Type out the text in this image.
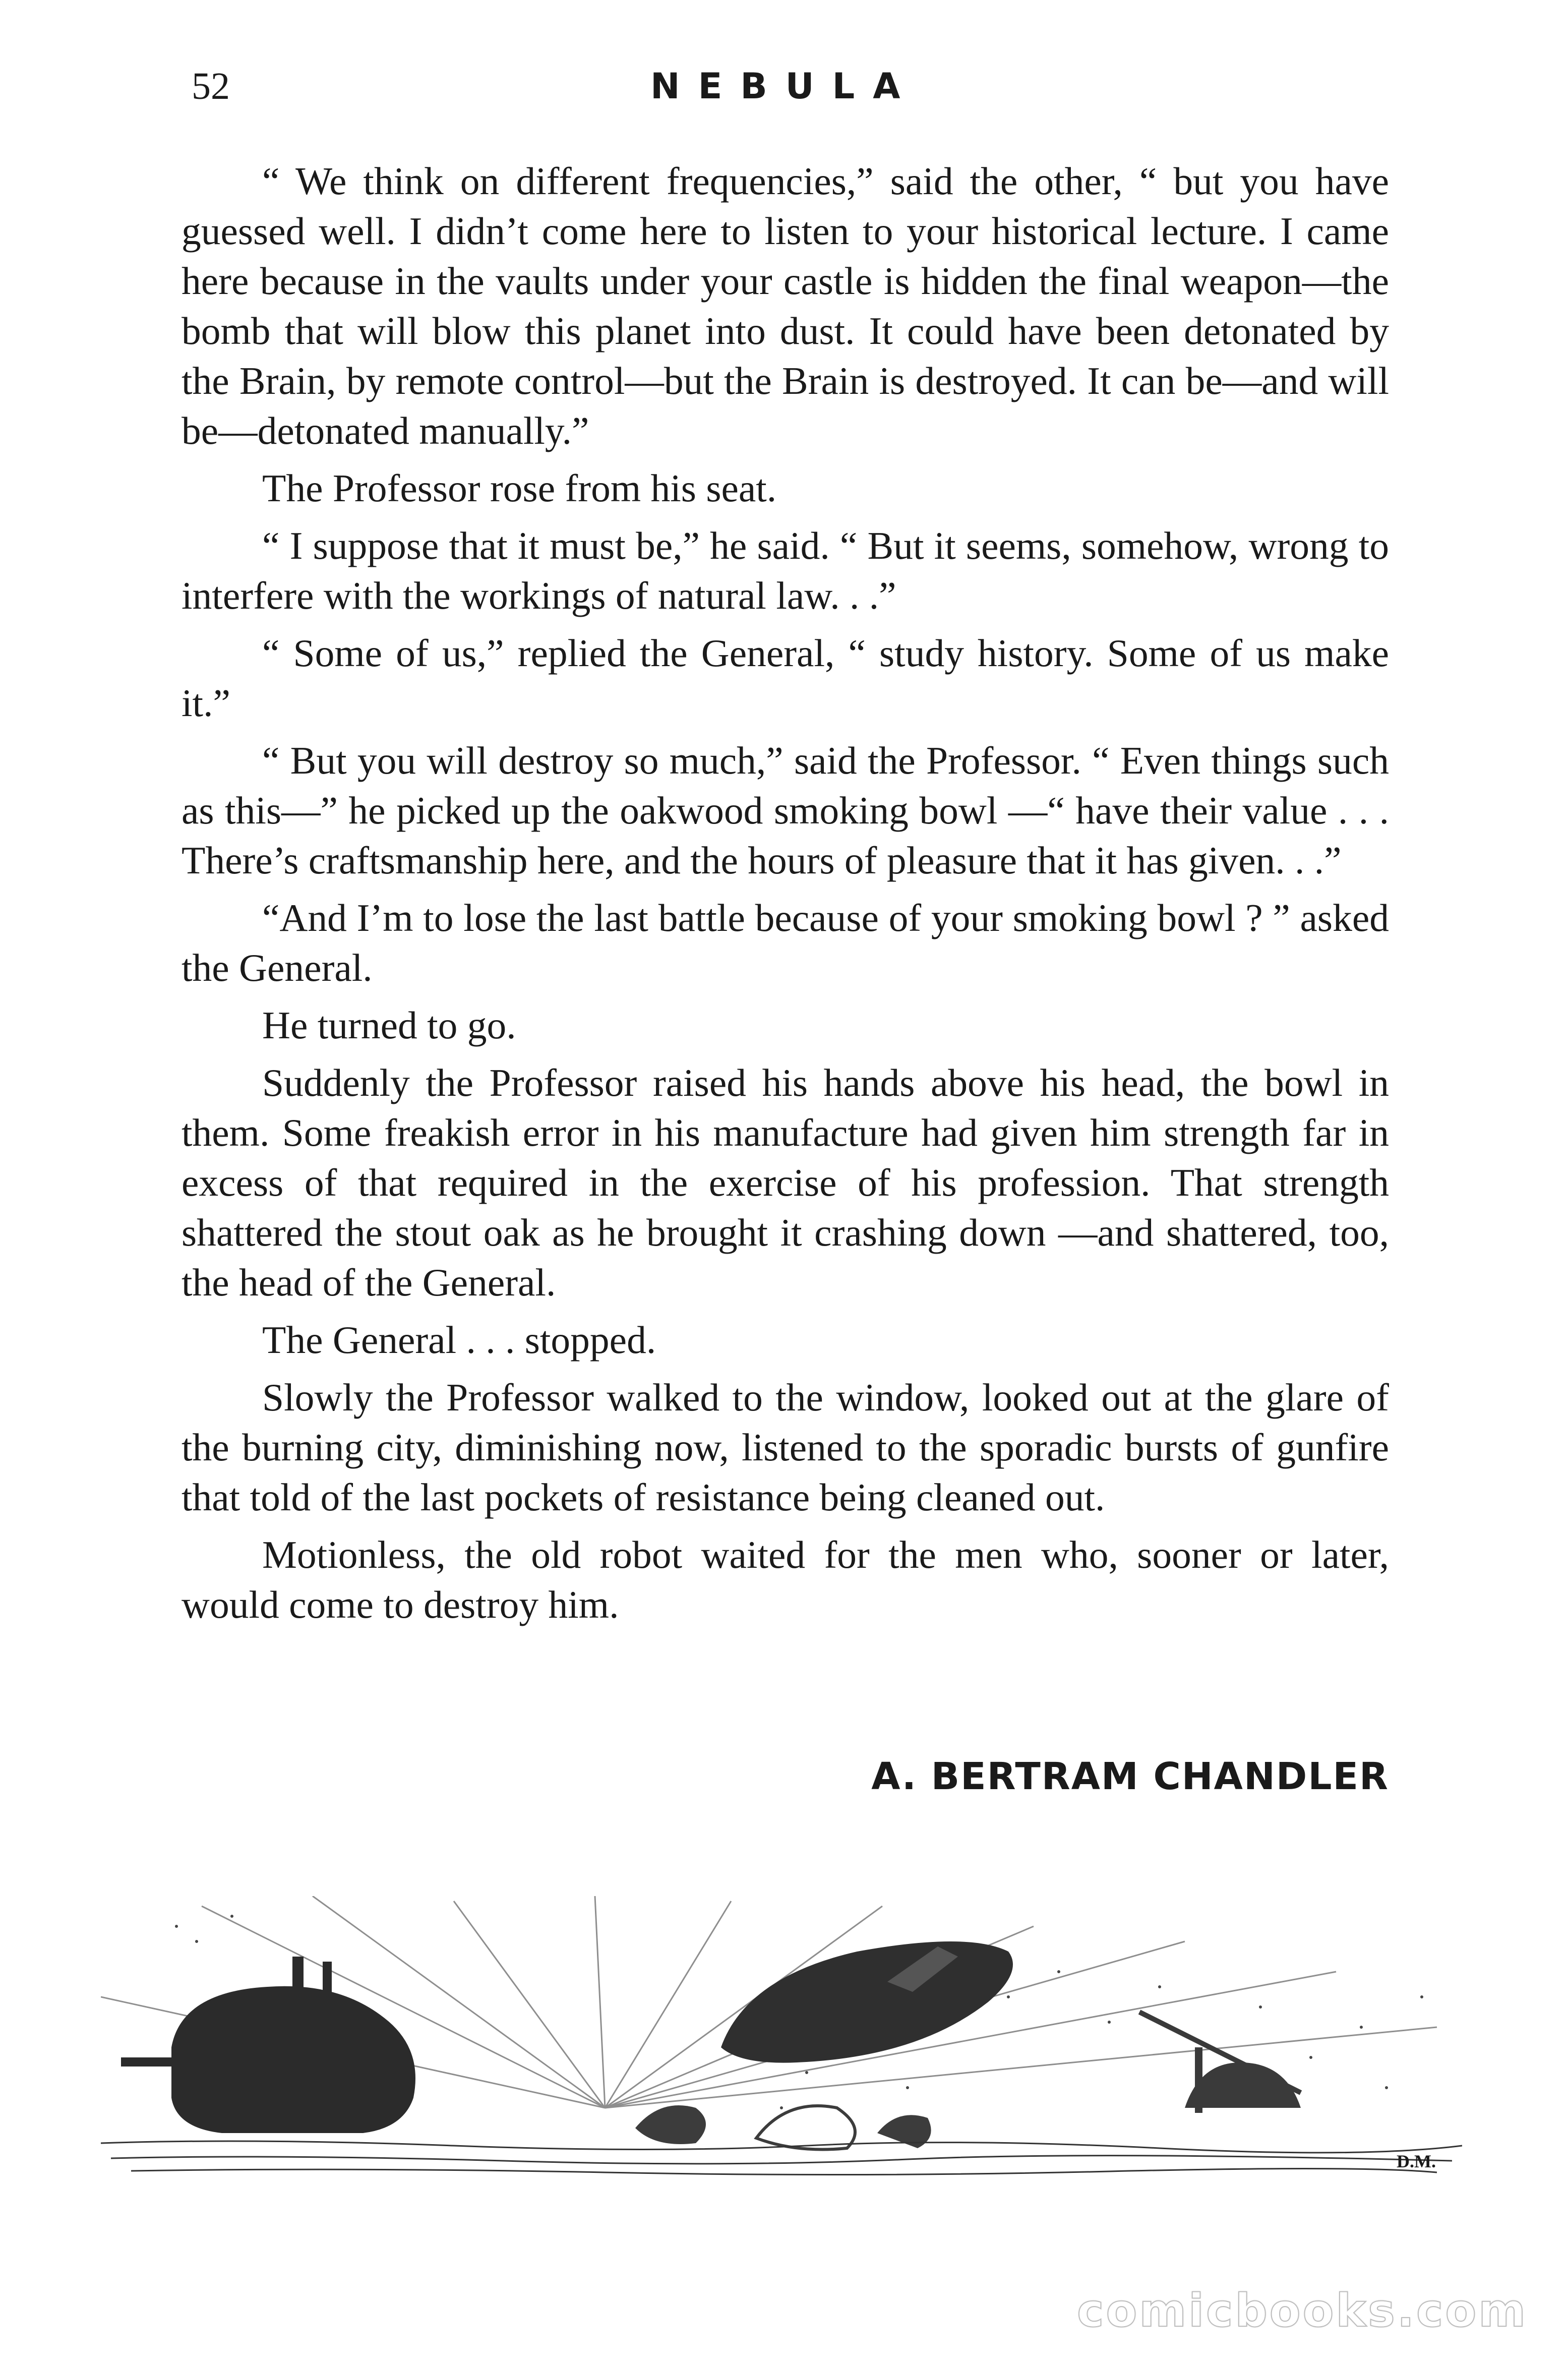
52	NEBULA

“ We think on different frequencies,” said the other, “ but you have guessed well. I didn’t come here to listen to your historical lecture. I came here because in the vaults under your castle is hidden the final weapon—the bomb that will blow this planet into dust. It could have been detonated by the Brain, by remote control—but the Brain is destroyed. It can be—and will be—detonated manually.”

The Professor rose from his seat.

“ I suppose that it must be,” he said. “ But it seems, somehow, wrong to interfere with the workings of natural law. . .”

“ Some of us,” replied the General, “ study history. Some of us make it.”

“ But you will destroy so much,” said the Professor. “ Even things such as this—” he picked up the oakwood smoking bowl —“ have their value . . . There’s craftsmanship here, and the hours of pleasure that it has given. . .”

“And I’m to lose the last battle because of your smoking bowl ? ” asked the General.

He turned to go.

Suddenly the Professor raised his hands above his head, the bowl in them. Some freakish error in his manufacture had given him strength far in excess of that required in the exercise of his profession. That strength shattered the stout oak as he brought it crashing down —and shattered, too, the head of the General.

The General . . . stopped.

Slowly the Professor walked to the window, looked out at the glare of the burning city, diminishing now, listened to the sporadic bursts of gunfire that told of the last pockets of resistance being cleaned out.

Motionless, the old robot waited for the men who, sooner or later, would come to destroy him.

A. BERTRAM CHANDLER
D.M.
comicbooks.com
